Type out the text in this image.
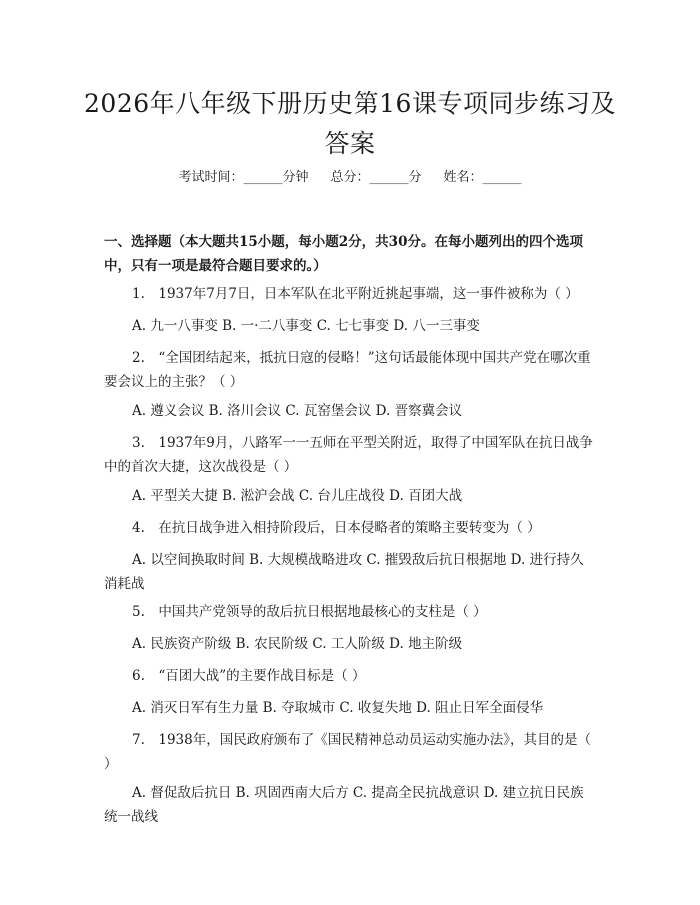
2026年八年级下册历史第16课专项同步练习及答案
考试时间：______分钟 总分：______分 姓名：______
一、选择题（本大题共15小题，每小题2分，共30分。在每小题列出的四个选项中，只有一项是最符合题目要求的。）
1.　1937年7月7日，日本军队在北平附近挑起事端，这一事件被称为（ ）
A. 九一八事变 B. 一·二八事变 C. 七七事变 D. 八一三事变
2.　“全国团结起来，抵抗日寇的侵略！”这句话最能体现中国共产党在哪次重要会议上的主张？（ ）
A. 遵义会议 B. 洛川会议 C. 瓦窑堡会议 D. 晋察冀会议
3.　1937年9月，八路军一一五师在平型关附近，取得了中国军队在抗日战争中的首次大捷，这次战役是（ ）
A. 平型关大捷 B. 淞沪会战 C. 台儿庄战役 D. 百团大战
4.　在抗日战争进入相持阶段后，日本侵略者的策略主要转变为（ ）
A. 以空间换取时间 B. 大规模战略进攻 C. 摧毁敌后抗日根据地 D. 进行持久消耗战
5.　中国共产党领导的敌后抗日根据地最核心的支柱是（ ）
A. 民族资产阶级 B. 农民阶级 C. 工人阶级 D. 地主阶级
6.　“百团大战”的主要作战目标是（ ）
A. 消灭日军有生力量 B. 夺取城市 C. 收复失地 D. 阻止日军全面侵华
7.　1938年，国民政府颁布了《国民精神总动员运动实施办法》，其目的是（ ）
A. 督促敌后抗日 B. 巩固西南大后方 C. 提高全民抗战意识 D. 建立抗日民族统一战线
